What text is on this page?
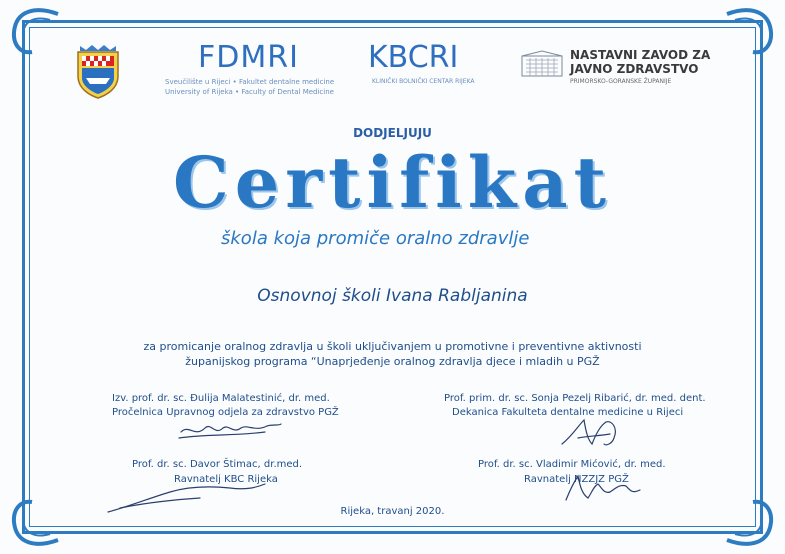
FDMRI
Sveučilište u Rijeci • Fakultet dentalne medicine
University of Rijeka • Faculty of Dental Medicine
KBCRI
KLINIČKI BOLNIČKI CENTAR RIJEKA
NASTAVNI ZAVOD ZA
JAVNO ZDRAVSTVO
PRIMORSKO-GORANSKE ŽUPANIJE
DODJELJUJU
Certifikat
škola koja promiče oralno zdravlje
Osnovnoj školi Ivana Rabljanina
za promicanje oralnog zdravlja u školi uključivanjem u promotivne i preventivne aktivnosti
županijskog programa “Unaprjeđenje oralnog zdravlja djece i mladih u PGŽ
Izv. prof. dr. sc. Đulija Malatestinić, dr. med.
Pročelnica Upravnog odjela za zdravstvo PGŽ
Prof. prim. dr. sc. Sonja Pezelj Ribarić, dr. med. dent.
Dekanica Fakulteta dentalne medicine u Rijeci
Prof. dr. sc. Davor Štimac, dr.med.
Ravnatelj KBC Rijeka
Prof. dr. sc. Vladimir Mićović, dr. med.
Ravnatelj NZZJZ PGŽ
Rijeka, travanj 2020.
